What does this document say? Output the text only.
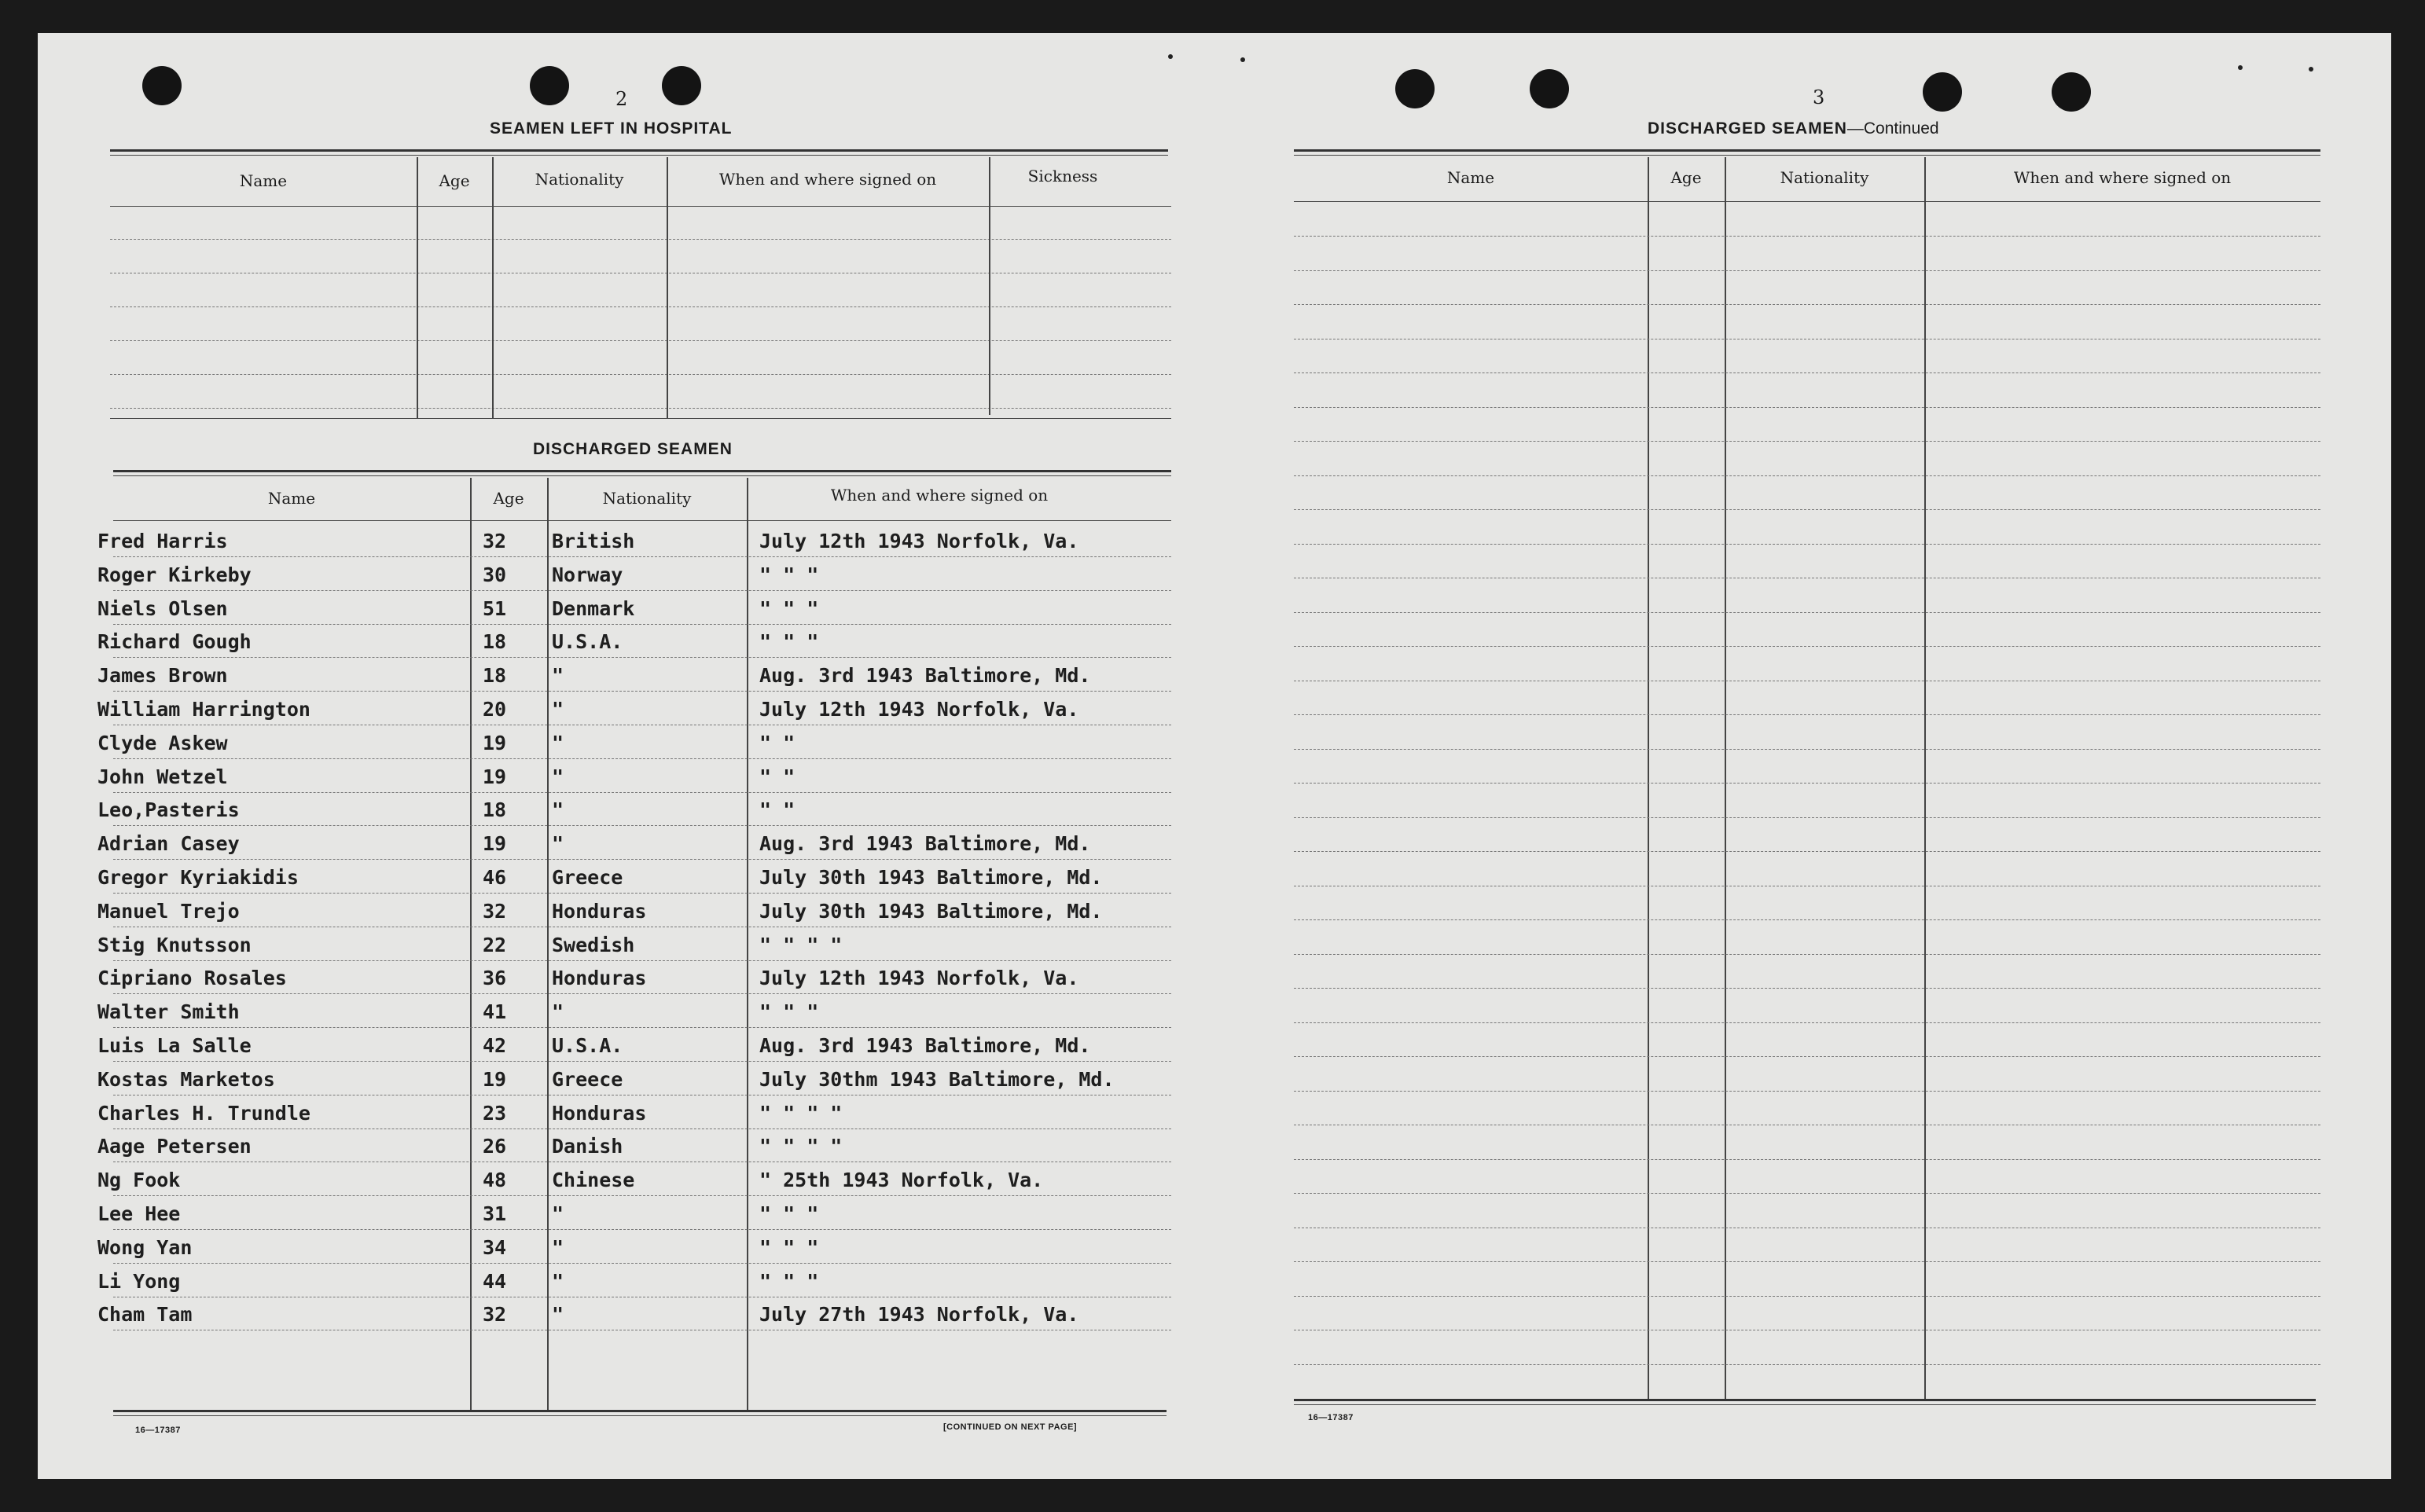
2
SEAMEN LEFT IN HOSPITAL
Name	Age	Nationality	When and where signed on	Sickness
DISCHARGED SEAMEN
Name	Age	Nationality	When and where signed on
Fred Harris	32 British	July 12th 1943 Norfolk, Va.
Roger Kirkeby	30 Norway	" " "
Niels Olsen	51 Denmark	" " "
Richard Gough	18 U.S.A.	" " "
James Brown	18 "	Aug. 3rd 1943 Baltimore, Md.
William Harrington	20 "	July 12th 1943 Norfolk, Va.
Clyde Askew	19 "	" "
John Wetzel	19 "	" "
Leo,Pasteris	18 "	" "
Adrian Casey	19 "	Aug. 3rd 1943 Baltimore, Md.
Gregor Kyriakidis	46 Greece	July 30th 1943 Baltimore, Md.
Manuel Trejo	32 Honduras	July 30th 1943 Baltimore, Md.
Stig Knutsson	22 Swedish	" " " "
Cipriano Rosales	36 Honduras	July 12th 1943 Norfolk, Va.
Walter Smith	41 "	" " "
Luis La Salle	42 U.S.A.	Aug. 3rd 1943 Baltimore, Md.
Kostas Marketos	19 Greece	July 30thm 1943 Baltimore, Md.
Charles H. Trundle	23 Honduras	" " " "
Aage Petersen	26 Danish	" " " "
Ng Fook	48 Chinese	" 25th 1943 Norfolk, Va.
Lee Hee	31 "	" " "
Wong Yan	34 "	" " "
Li Yong	44 "	" " "
Cham Tam	32 "	July 27th 1943 Norfolk, Va.
16—17387	[CONTINUED ON NEXT PAGE]
3
DISCHARGED SEAMEN—Continued
Name	Age	Nationality	When and where signed on
16—17387
